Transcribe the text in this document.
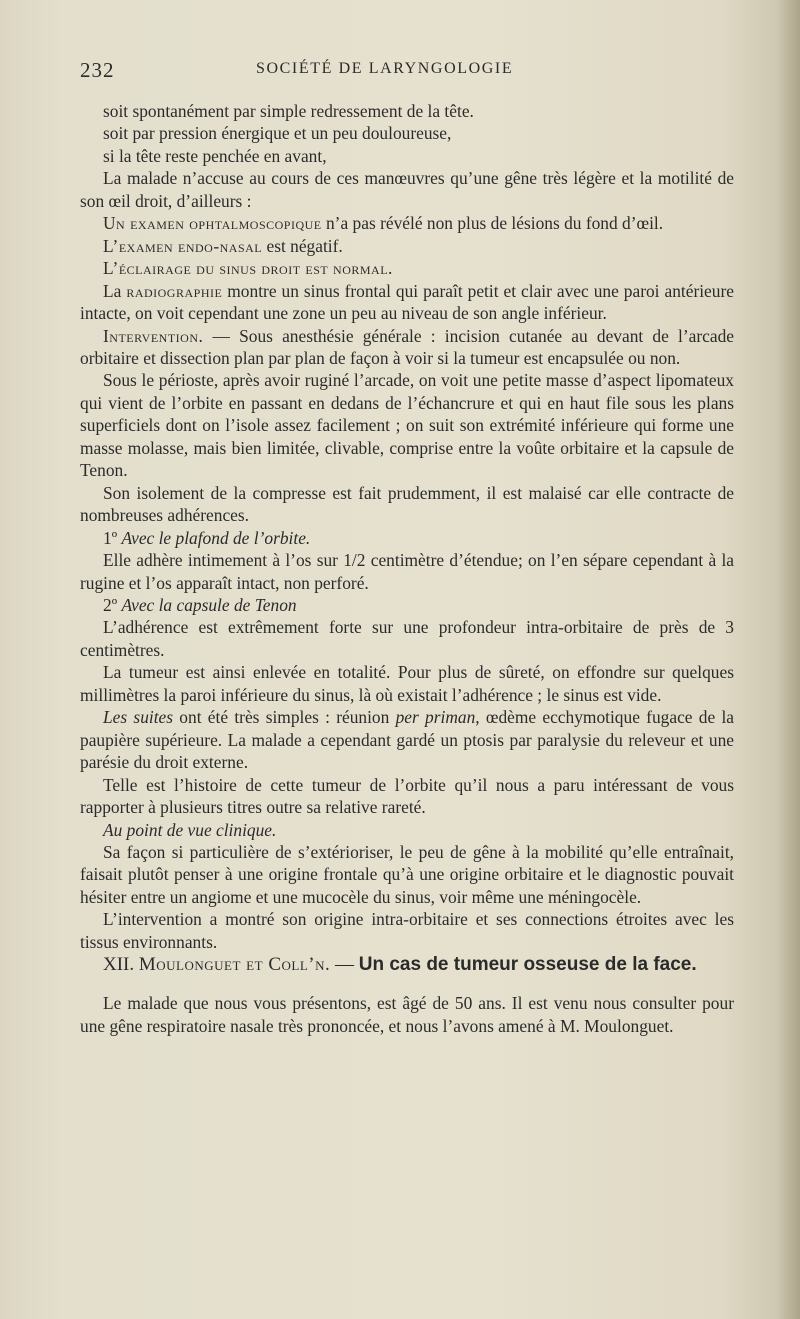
232	SOCIÉTÉ DE LARYNGOLOGIE

soit spontanément par simple redressement de la tête.

soit par pression énergique et un peu douloureuse,

si la tête reste penchée en avant,

La malade n’accuse au cours de ces manœuvres qu’une gêne très légère et la motilité de son œil droit, d’ailleurs :

Un examen ophtalmoscopique n’a pas révélé non plus de lésions du fond d’œil.

L’examen endo-nasal est négatif.

L’éclairage du sinus droit est normal.

La radiographie montre un sinus frontal qui paraît petit et clair avec une paroi antérieure intacte, on voit cependant une zone un peu au niveau de son angle inférieur.

Intervention. — Sous anesthésie générale : incision cutanée au devant de l’arcade orbitaire et dissection plan par plan de façon à voir si la tumeur est encapsulée ou non.

Sous le périoste, après avoir ruginé l’arcade, on voit une petite masse d’aspect lipomateux qui vient de l’orbite en passant en dedans de l’échancrure et qui en haut file sous les plans superficiels dont on l’isole assez facilement ; on suit son extrémité inférieure qui forme une masse molasse, mais bien limitée, clivable, comprise entre la voûte orbitaire et la capsule de Tenon.

Son isolement de la compresse est fait prudemment, il est malaisé car elle contracte de nombreuses adhérences.

1º Avec le plafond de l’orbite.

Elle adhère intimement à l’os sur 1/2 centimètre d’étendue; on l’en sépare cependant à la rugine et l’os apparaît intact, non perforé.

2º Avec la capsule de Tenon

L’adhérence est extrêmement forte sur une profondeur intra-orbitaire de près de 3 centimètres.

La tumeur est ainsi enlevée en totalité. Pour plus de sûreté, on effondre sur quelques millimètres la paroi inférieure du sinus, là où existait l’adhérence ; le sinus est vide.

Les suites ont été très simples : réunion per priman, œdème ecchymotique fugace de la paupière supérieure. La malade a cependant gardé un ptosis par paralysie du releveur et une parésie du droit externe.

Telle est l’histoire de cette tumeur de l’orbite qu’il nous a paru intéressant de vous rapporter à plusieurs titres outre sa relative rareté.

Au point de vue clinique.

Sa façon si particulière de s’extérioriser, le peu de gêne à la mobilité qu’elle entraînait, faisait plutôt penser à une origine frontale qu’à une origine orbitaire et le diagnostic pouvait hésiter entre un angiome et une mucocèle du sinus, voir même une méningocèle.

L’intervention a montré son origine intra-orbitaire et ses connections étroites avec les tissus environnants.

XII. Moulonguet et Coll’n. — Un cas de tumeur osseuse de la face.

Le malade que nous vous présentons, est âgé de 50 ans. Il est venu nous consulter pour une gêne respiratoire nasale très prononcée, et nous l’avons amené à M. Moulonguet.
